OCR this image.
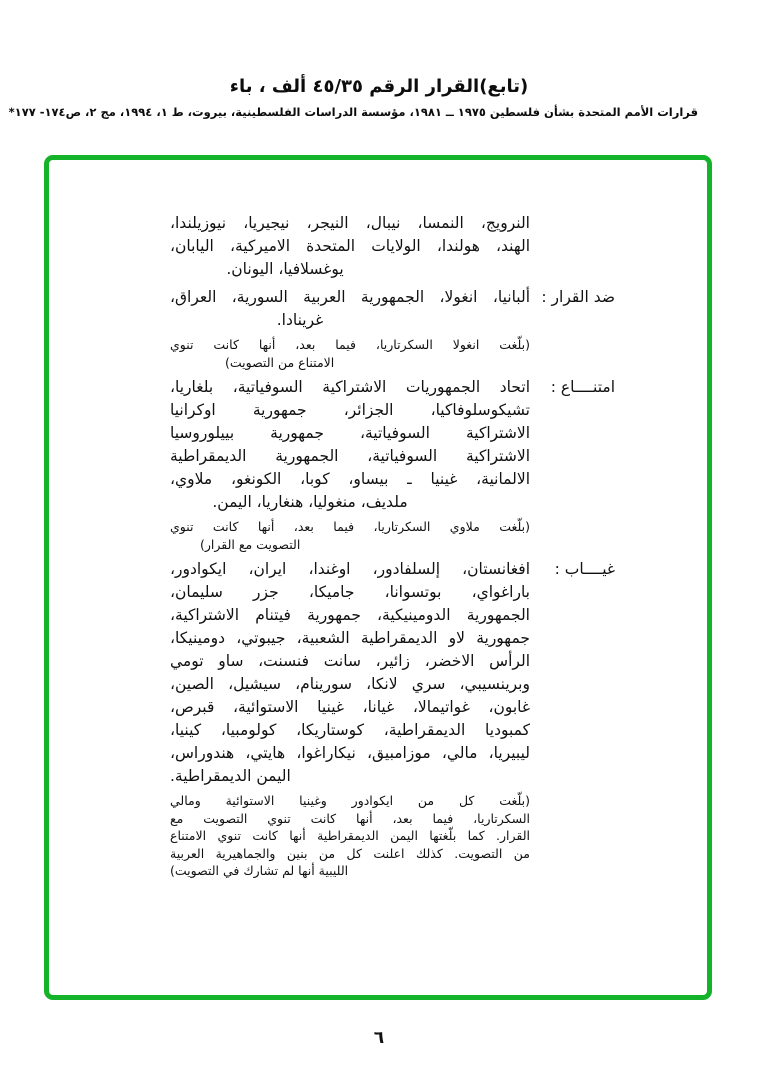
(تابع)القرار الرقم ٤٥/٣٥ ألف ، باء
قرارات الأمم المتحدة بشأن فلسطين ١٩٧٥ ــ ١٩٨١، مؤسسة الدراسات الفلسطينية، بيروت، ط ١، ١٩٩٤، مج ٢، ص١٧٤- ١٧٧*
النرويج، النمسا، نيبال، النيجر، نيجيريا، نيوزيلندا،
الهند، هولندا، الولايات المتحدة الاميركية، اليابان،
يوغسلافيا، اليونان.
ضد القرار :
ألبانيا، انغولا، الجمهورية العربية السورية، العراق،
غرينادا.
(بلّغت انغولا السكرتاريا، فيما بعد، أنها كانت تنوي
الامتناع من التصويت)
امتنــــاع :
اتحاد الجمهوريات الاشتراكية السوفياتية، بلغاريا،
تشيكوسلوفاكيا، الجزائر، جمهورية اوكرانيا
الاشتراكية السوفياتية، جمهورية بييلوروسيا
الاشتراكية السوفياتية، الجمهورية الديمقراطية
الالمانية، غينيا ـ بيساو، كوبا، الكونغو، ملاوي،
ملديف، منغوليا، هنغاريا، اليمن.
(بلّغت ملاوي السكرتاريا، فيما بعد، أنها كانت تنوي
التصويت مع القرار)
غيــــاب :
افغانستان، إلسلفادور، اوغندا، ايران، ايكوادور،
باراغواي، بوتسوانا، جاميكا، جزر سليمان،
الجمهورية الدومينيكية، جمهورية فيتنام الاشتراكية،
جمهورية لاو الديمقراطية الشعبية، جيبوتي، دومينيكا،
الرأس الاخضر، زائير، سانت فنسنت، ساو تومي
وبرينسيبي، سري لانكا، سورينام، سيشيل، الصين،
غابون، غواتيمالا، غيانا، غينيا الاستوائية، قبرص،
كمبوديا الديمقراطية، كوستاريكا، كولومبيا، كينيا،
ليبيريا، مالي، موزامبيق، نيكاراغوا، هايتي، هندوراس،
اليمن الديمقراطية.
(بلّغت كل من ايكوادور وغينيا الاستوائية ومالي
السكرتاريا، فيما بعد، أنها كانت تنوي التصويت مع
القرار. كما بلّغتها اليمن الديمقراطية أنها كانت تنوي الامتناع
من التصويت. كذلك اعلنت كل من بنين والجماهيرية العربية
الليبية أنها لم تشارك في التصويت)
٦
